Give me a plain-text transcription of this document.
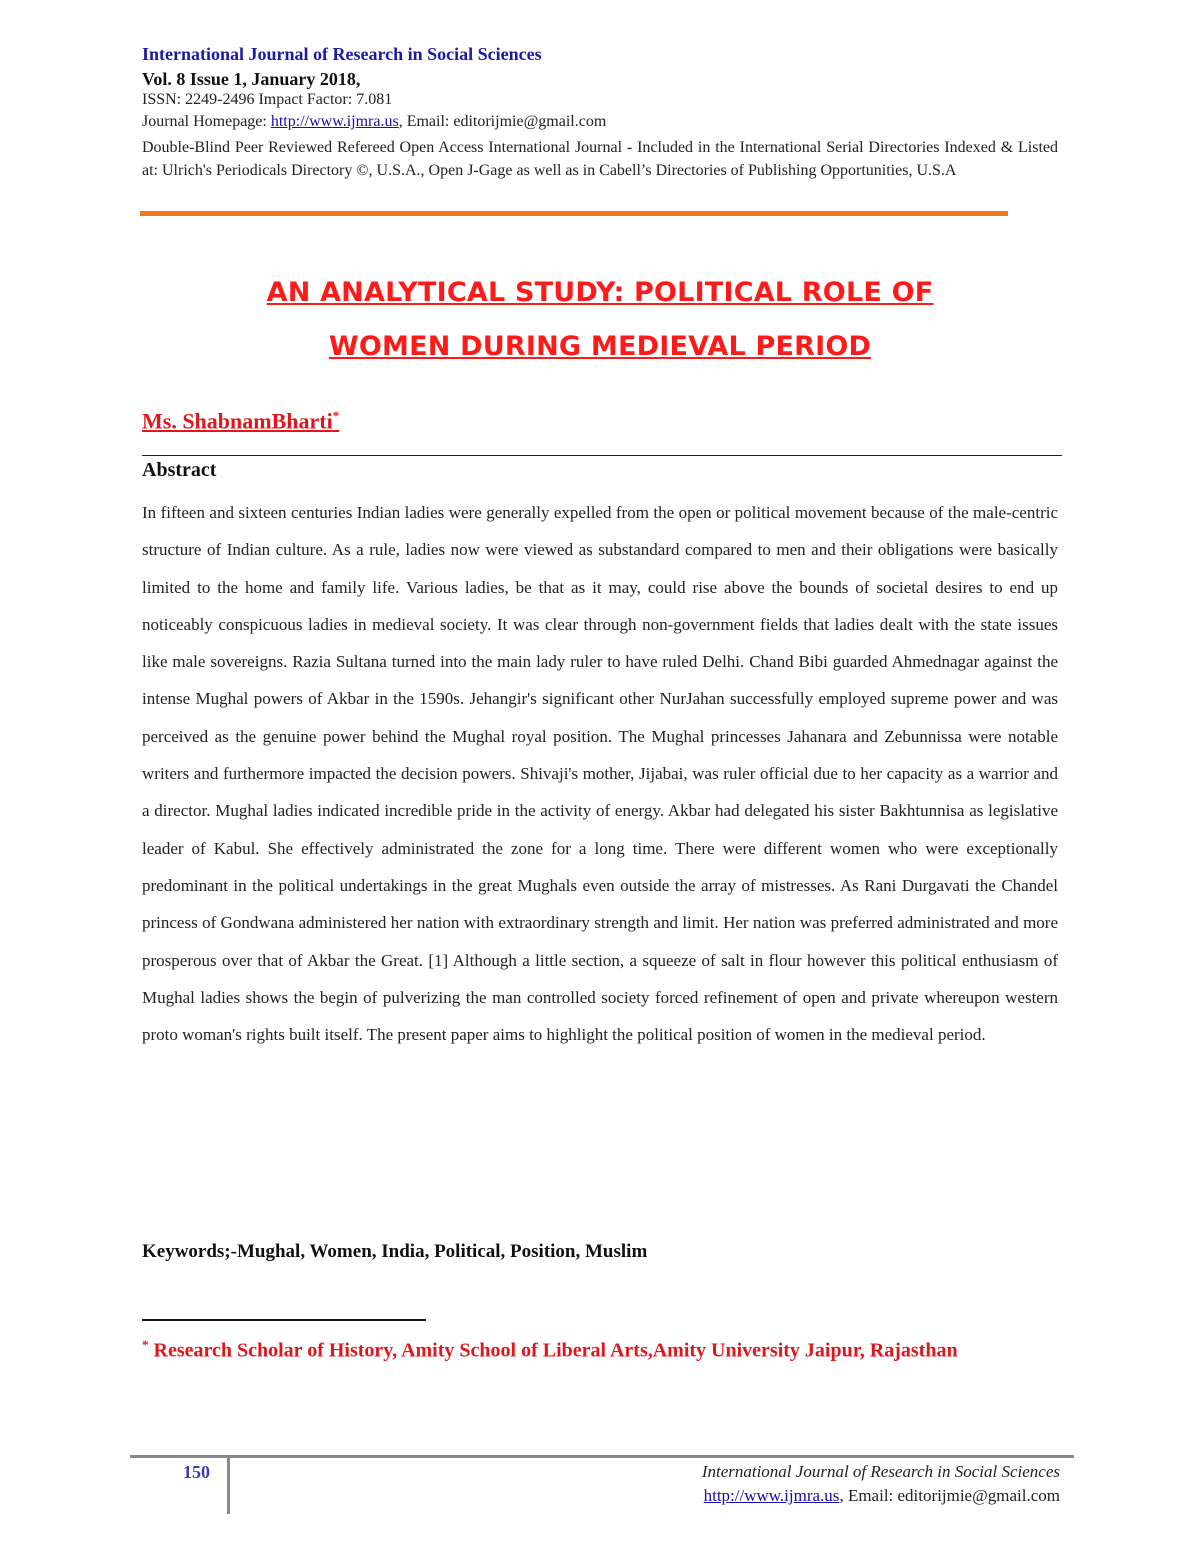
International Journal of Research in Social Sciences
Vol. 8 Issue 1, January 2018,
ISSN: 2249-2496 Impact Factor: 7.081
Journal Homepage: http://www.ijmra.us, Email: editorijmie@gmail.com
Double-Blind Peer Reviewed Refereed Open Access International Journal - Included in the International Serial Directories Indexed & Listed at: Ulrich's Periodicals Directory ©, U.S.A., Open J-Gage as well as in Cabell’s Directories of Publishing Opportunities, U.S.A
AN ANALYTICAL STUDY: POLITICAL ROLE OF
WOMEN DURING MEDIEVAL PERIOD
Ms. ShabnamBharti*
Abstract
In fifteen and sixteen centuries Indian ladies were generally expelled from the open or political movement because of the male-centric structure of Indian culture. As a rule, ladies now were viewed as substandard compared to men and their obligations were basically limited to the home and family life. Various ladies, be that as it may, could rise above the bounds of societal desires to end up noticeably conspicuous ladies in medieval society. It was clear through non-government fields that ladies dealt with the state issues like male sovereigns. Razia Sultana turned into the main lady ruler to have ruled Delhi. Chand Bibi guarded Ahmednagar against the intense Mughal powers of Akbar in the 1590s. Jehangir's significant other NurJahan successfully employed supreme power and was perceived as the genuine power behind the Mughal royal position. The Mughal princesses Jahanara and Zebunnissa were notable writers and furthermore impacted the decision powers. Shivaji's mother, Jijabai, was ruler official due to her capacity as a warrior and a director. Mughal ladies indicated incredible pride in the activity of energy. Akbar had delegated his sister Bakhtunnisa as legislative leader of Kabul. She effectively administrated the zone for a long time. There were different women who were exceptionally predominant in the political undertakings in the great Mughals even outside the array of mistresses. As Rani Durgavati the Chandel princess of Gondwana administered her nation with extraordinary strength and limit. Her nation was preferred administrated and more prosperous over that of Akbar the Great. [1] Although a little section, a squeeze of salt in flour however this political enthusiasm of Mughal ladies shows the begin of pulverizing the man controlled society forced refinement of open and private whereupon western proto woman's rights built itself. The present paper aims to highlight the political position of women in the medieval period.
Keywords;-Mughal, Women, India, Political, Position, Muslim
* Research Scholar of History, Amity School of Liberal Arts,Amity University Jaipur, Rajasthan
150	International Journal of Research in Social Sciences
http://www.ijmra.us, Email: editorijmie@gmail.com
